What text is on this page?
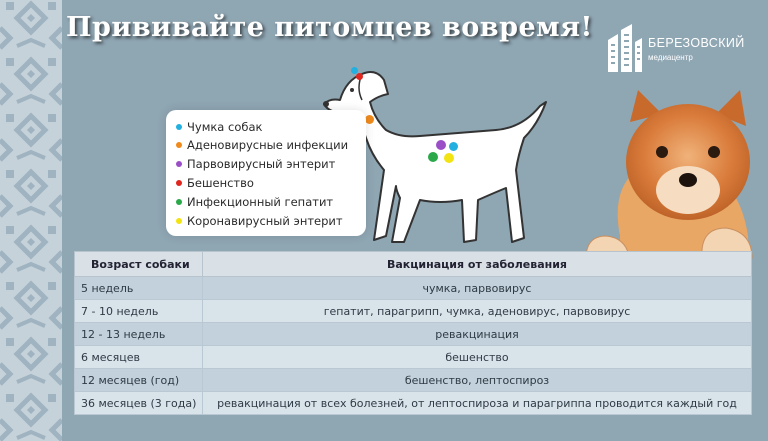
Прививайте питомцев вовремя!	БЕРЕЗОВСКИЙ
медиацентр
Чумка собак
Аденовирусные инфекции
Парвовирусный энтерит
Бешенство
Инфекционный гепатит
Коронавирусный энтерит
Возраст собаки	Вакцинация от заболевания
5 недель	чумка, парвовирус
7 - 10 недель	гепатит, парагрипп, чумка, аденовирус, парвовирус
12 - 13 недель	ревакцинация
6 месяцев	бешенство
12 месяцев (год)	бешенство, лептоспироз
36 месяцев (3 года)	ревакцинация от всех болезней, от лептоспироза и парагриппа проводится каждый год
